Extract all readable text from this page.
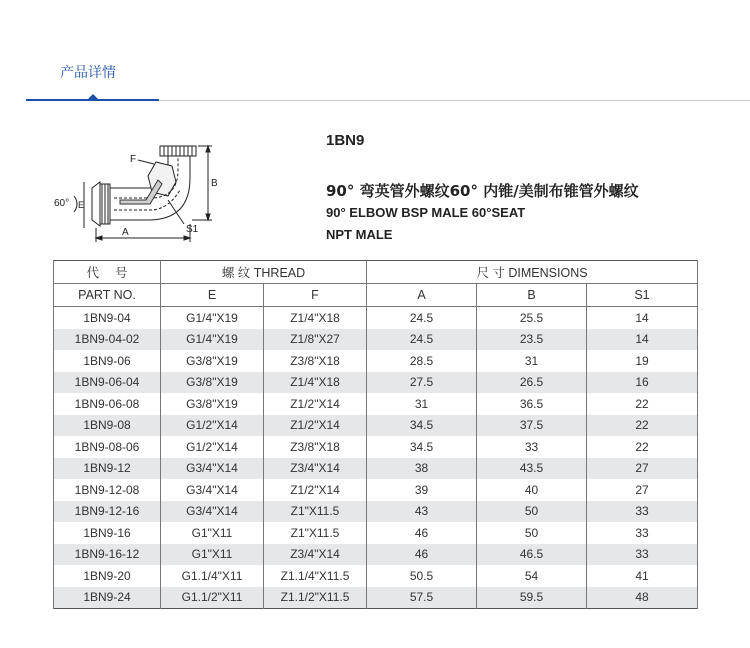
产品详情
60° E
F
A
B
S1
1BN9
90° 弯英管外螺纹60° 内锥/美制布锥管外螺纹
90° ELBOW BSP MALE 60°SEAT
NPT MALE
代 号	螺 纹 THREAD		尺 寸 DIMENSIONS		
PART NO.	E	F	A	B	S1
1BN9-04	G1/4"X19	Z1/4"X18	24.5	25.5	14
1BN9-04-02	G1/4"X19	Z1/8"X27	24.5	23.5	14
1BN9-06	G3/8"X19	Z3/8"X18	28.5	31	19
1BN9-06-04	G3/8"X19	Z1/4"X18	27.5	26.5	16
1BN9-06-08	G3/8"X19	Z1/2"X14	31	36.5	22
1BN9-08	G1/2"X14	Z1/2"X14	34.5	37.5	22
1BN9-08-06	G1/2"X14	Z3/8"X18	34.5	33	22
1BN9-12	G3/4"X14	Z3/4"X14	38	43.5	27
1BN9-12-08	G3/4"X14	Z1/2"X14	39	40	27
1BN9-12-16	G3/4"X14	Z1"X11.5	43	50	33
1BN9-16	G1"X11	Z1"X11.5	46	50	33
1BN9-16-12	G1"X11	Z3/4"X14	46	46.5	33
1BN9-20	G1.1/4"X11	Z1.1/4"X11.5	50.5	54	41
1BN9-24	G1.1/2"X11	Z1.1/2"X11.5	57.5	59.5	48
